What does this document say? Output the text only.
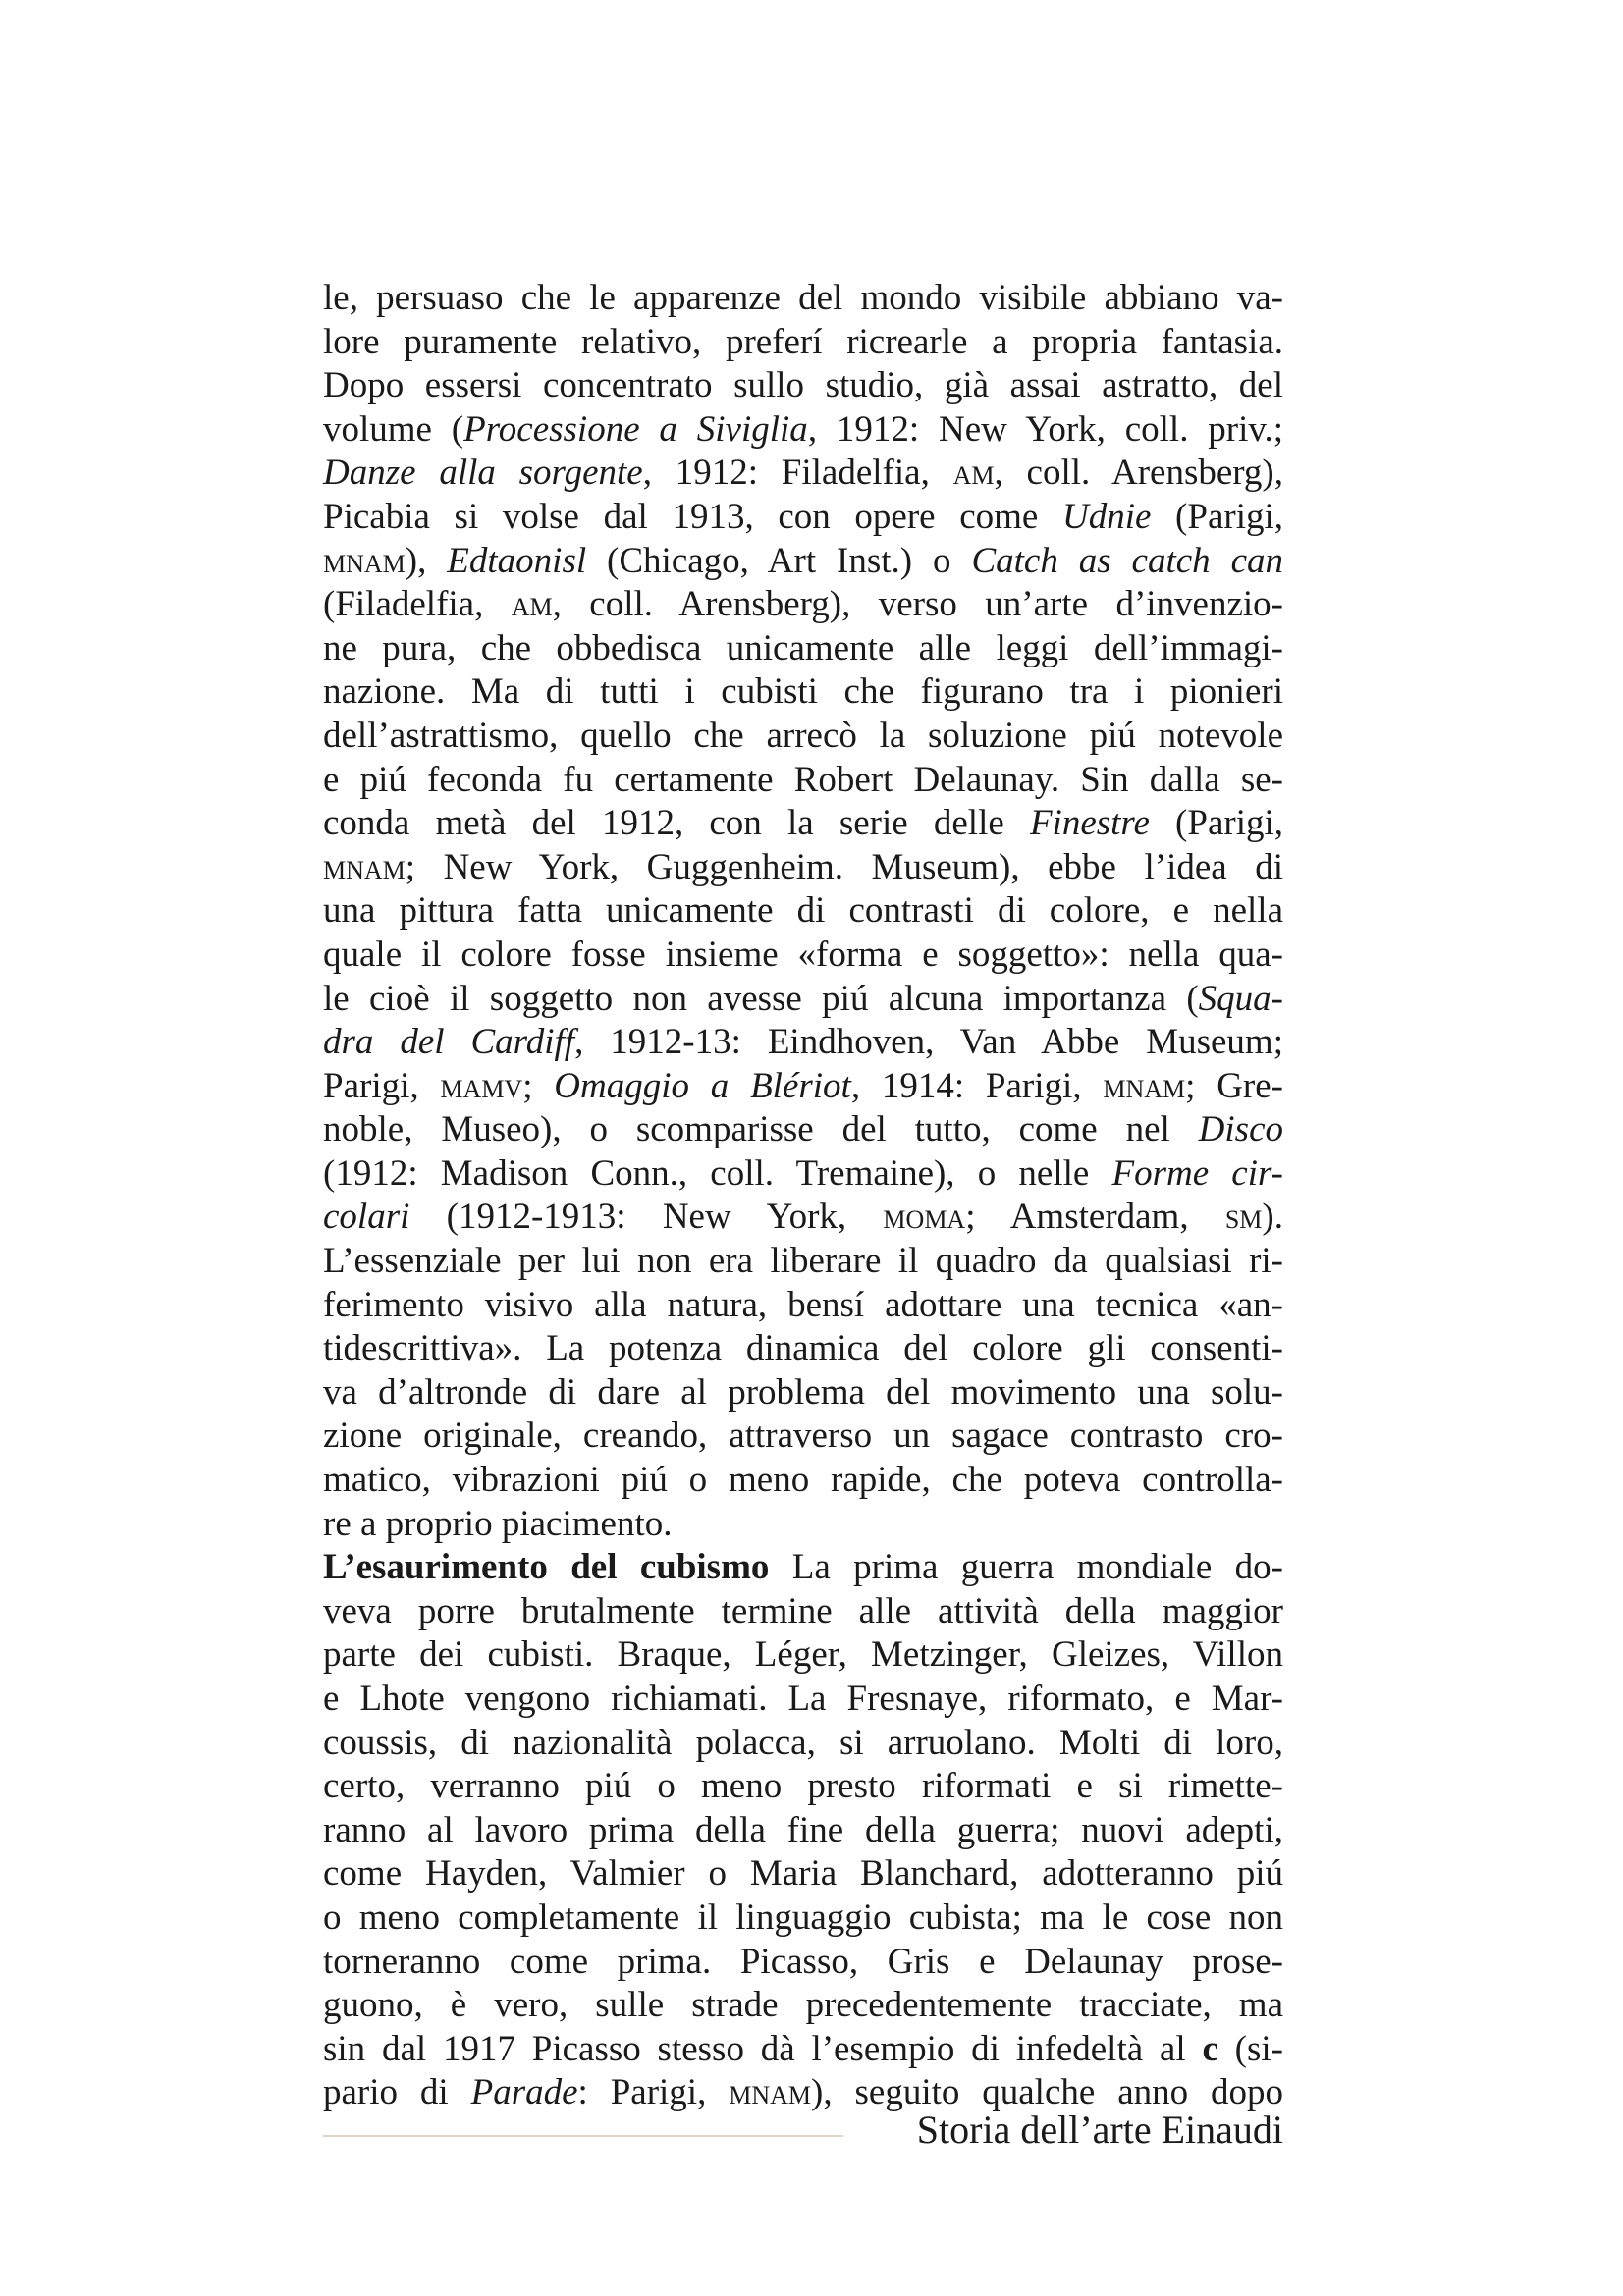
le, persuaso che le apparenze del mondo visibile abbiano va-
lore puramente relativo, preferí ricrearle a propria fantasia.
Dopo essersi concentrato sullo studio, già assai astratto, del
volume (Processione a Siviglia, 1912: New York, coll. priv.;
Danze alla sorgente, 1912: Filadelfia, am, coll. Arensberg),
Picabia si volse dal 1913, con opere come Udnie (Parigi,
mnam), Edtaonisl (Chicago, Art Inst.) o Catch as catch can
(Filadelfia, am, coll. Arensberg), verso un’arte d’invenzio-
ne pura, che obbedisca unicamente alle leggi dell’immagi-
nazione. Ma di tutti i cubisti che figurano tra i pionieri
dell’astrattismo, quello che arrecò la soluzione piú notevole
e piú feconda fu certamente Robert Delaunay. Sin dalla se-
conda metà del 1912, con la serie delle Finestre (Parigi,
mnam; New York, Guggenheim. Museum), ebbe l’idea di
una pittura fatta unicamente di contrasti di colore, e nella
quale il colore fosse insieme «forma e soggetto»: nella qua-
le cioè il soggetto non avesse piú alcuna importanza (Squa-
dra del Cardiff, 1912-13: Eindhoven, Van Abbe Museum;
Parigi, mamv; Omaggio a Blériot, 1914: Parigi, mnam; Gre-
noble, Museo), o scomparisse del tutto, come nel Disco
(1912: Madison Conn., coll. Tremaine), o nelle Forme cir-
colari (1912-1913: New York, moma; Amsterdam, sm).
L’essenziale per lui non era liberare il quadro da qualsiasi ri-
ferimento visivo alla natura, bensí adottare una tecnica «an-
tidescrittiva». La potenza dinamica del colore gli consenti-
va d’altronde di dare al problema del movimento una solu-
zione originale, creando, attraverso un sagace contrasto cro-
matico, vibrazioni piú o meno rapide, che poteva controlla-
re a proprio piacimento.
L’esaurimento del cubismo La prima guerra mondiale do-
veva porre brutalmente termine alle attività della maggior
parte dei cubisti. Braque, Léger, Metzinger, Gleizes, Villon
e Lhote vengono richiamati. La Fresnaye, riformato, e Mar-
coussis, di nazionalità polacca, si arruolano. Molti di loro,
certo, verranno piú o meno presto riformati e si rimette-
ranno al lavoro prima della fine della guerra; nuovi adepti,
come Hayden, Valmier o Maria Blanchard, adotteranno piú
o meno completamente il linguaggio cubista; ma le cose non
torneranno come prima. Picasso, Gris e Delaunay prose-
guono, è vero, sulle strade precedentemente tracciate, ma
sin dal 1917 Picasso stesso dà l’esempio di infedeltà al c (si-
pario di Parade: Parigi, mnam), seguito qualche anno dopo
Storia dell’arte Einaudi
